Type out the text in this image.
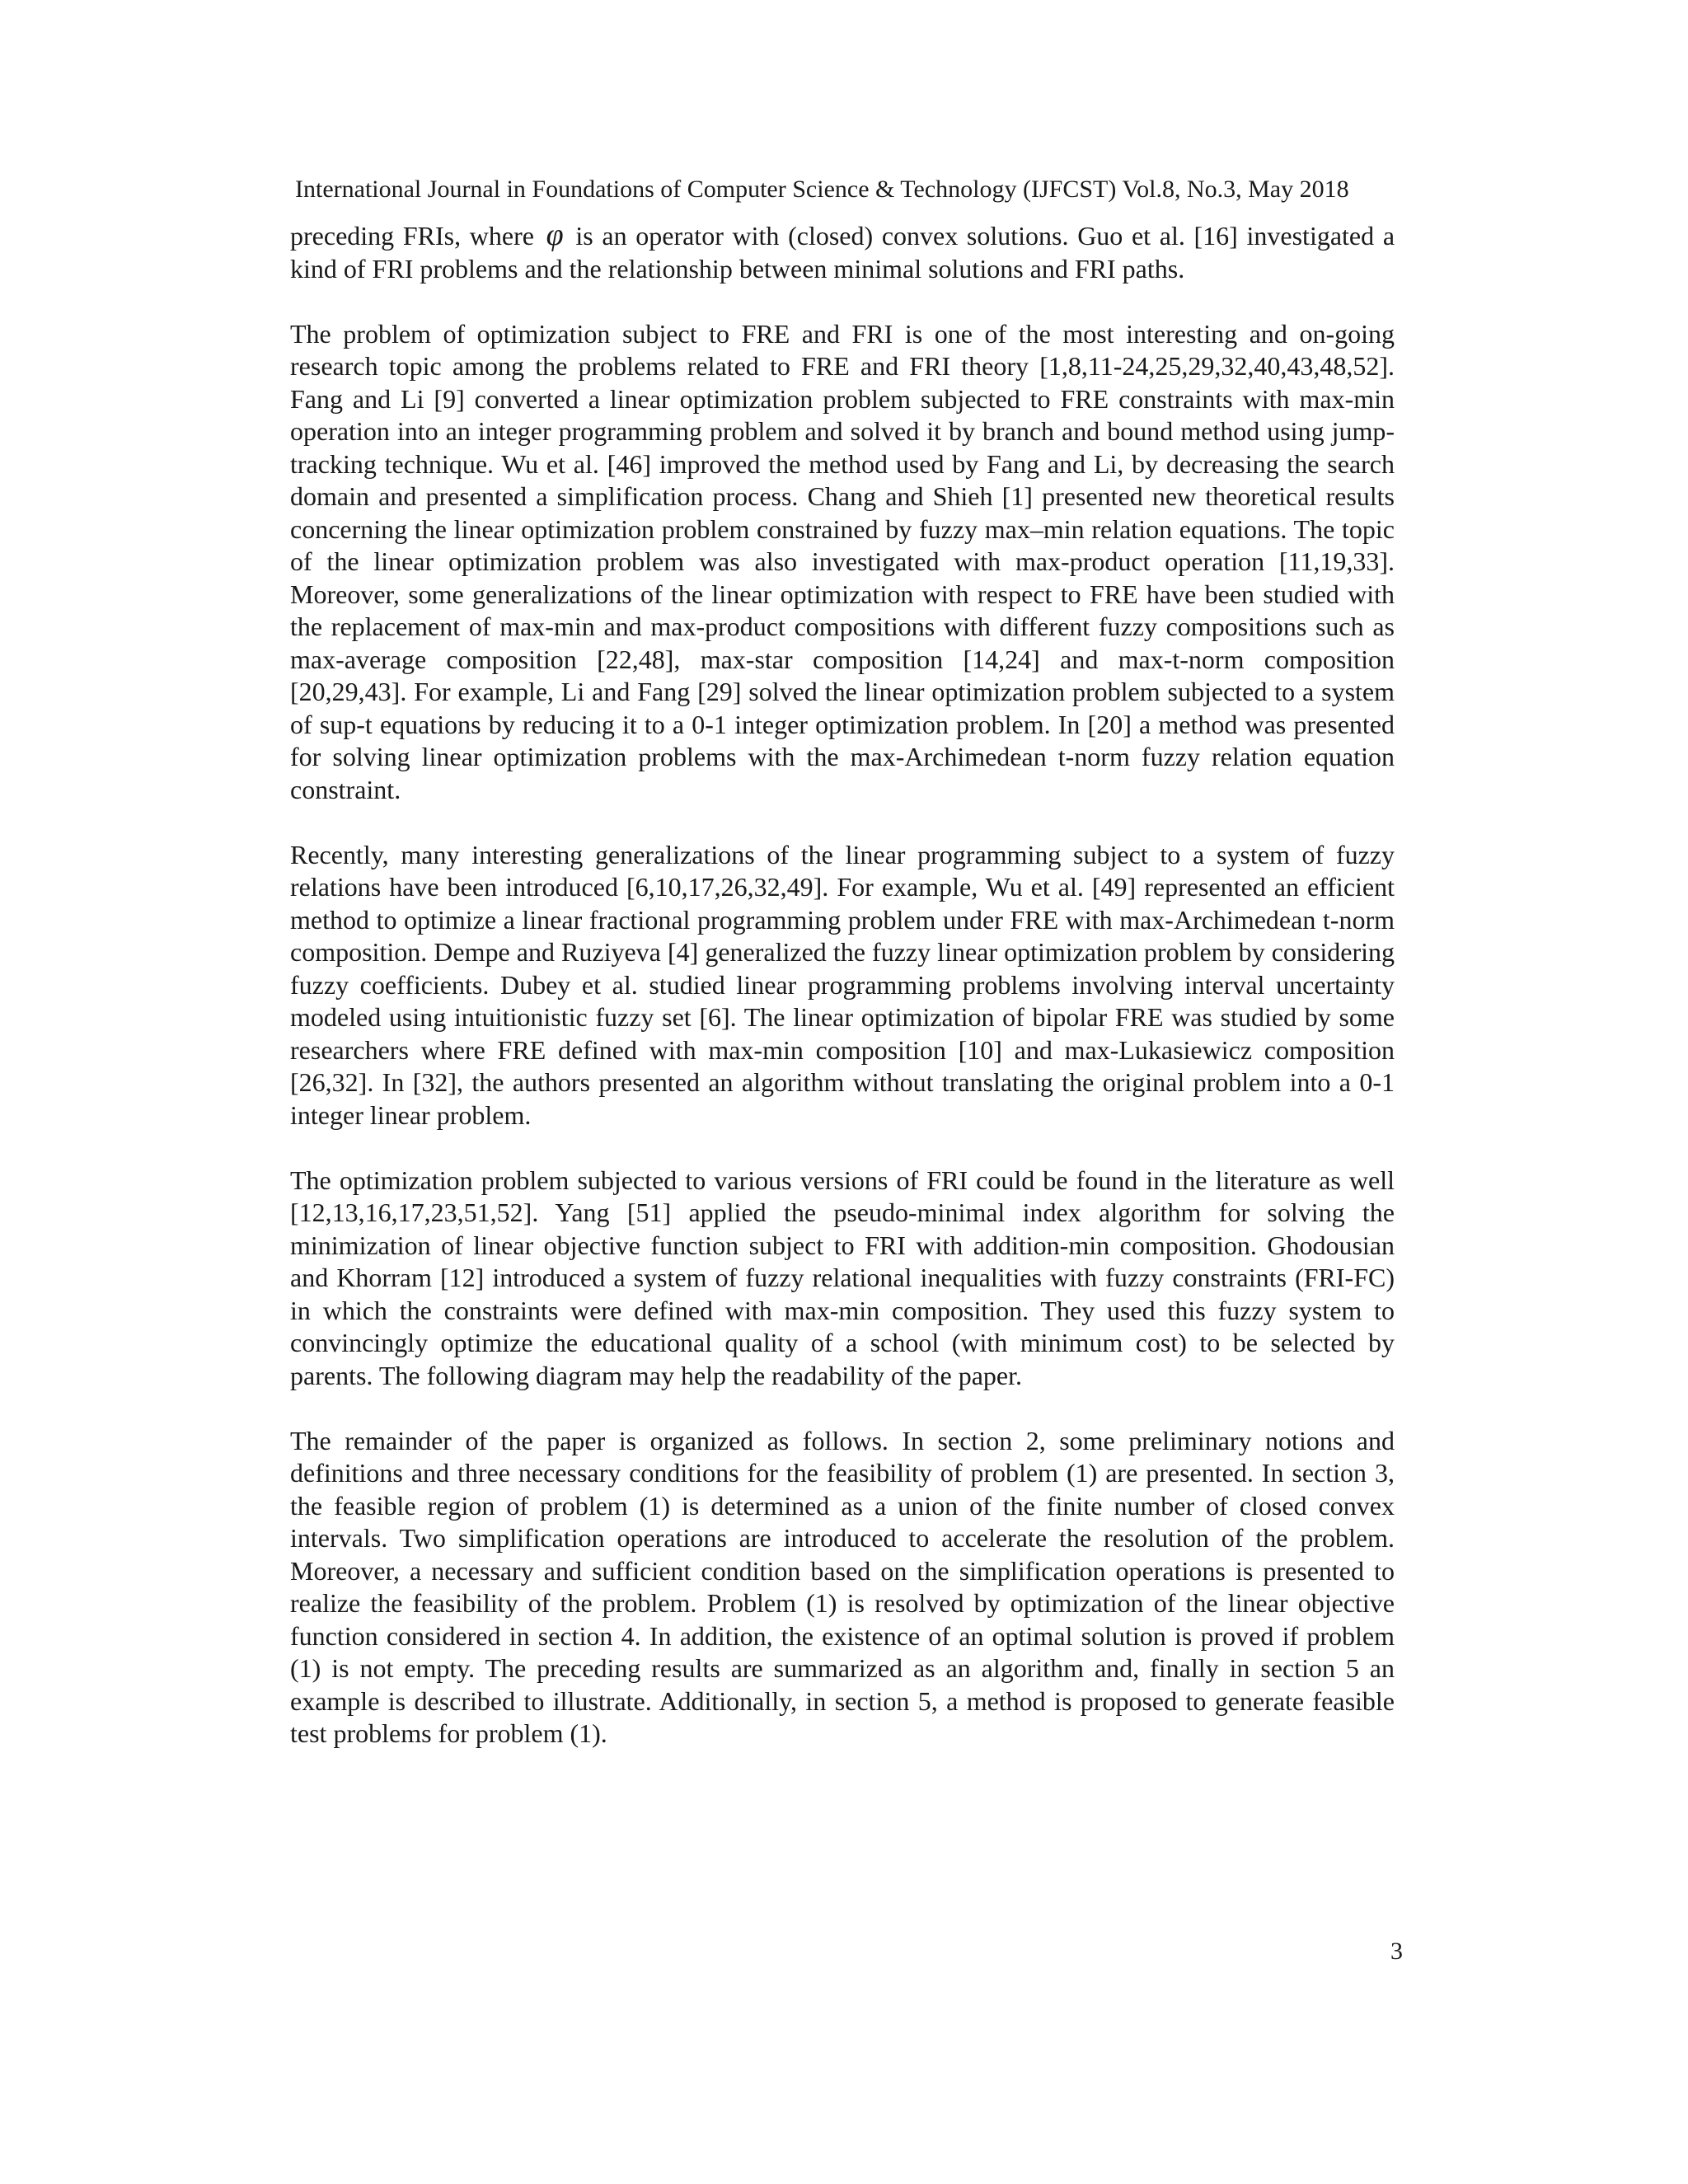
International Journal in Foundations of Computer Science & Technology (IJFCST) Vol.8, No.3, May 2018

preceding FRIs, where φ is an operator with (closed) convex solutions. Guo et al. [16] investigated a kind of FRI problems and the relationship between minimal solutions and FRI paths.

The problem of optimization subject to FRE and FRI is one of the most interesting and on-going research topic among the problems related to FRE and FRI theory [1,8,11-24,25,29,32,40,43,48,52]. Fang and Li [9] converted a linear optimization problem subjected to FRE constraints with max-min operation into an integer programming problem and solved it by branch and bound method using jump-tracking technique. Wu et al. [46] improved the method used by Fang and Li, by decreasing the search domain and presented a simplification process. Chang and Shieh [1] presented new theoretical results concerning the linear optimization problem constrained by fuzzy max–min relation equations. The topic of the linear optimization problem was also investigated with max-product operation [11,19,33]. Moreover, some generalizations of the linear optimization with respect to FRE have been studied with the replacement of max-min and max-product compositions with different fuzzy compositions such as max-average composition [22,48], max-star composition [14,24] and max-t-norm composition [20,29,43]. For example, Li and Fang [29] solved the linear optimization problem subjected to a system of sup-t equations by reducing it to a 0-1 integer optimization problem. In [20] a method was presented for solving linear optimization problems with the max-Archimedean t-norm fuzzy relation equation constraint.

Recently, many interesting generalizations of the linear programming subject to a system of fuzzy relations have been introduced [6,10,17,26,32,49]. For example, Wu et al. [49] represented an efficient method to optimize a linear fractional programming problem under FRE with max-Archimedean t-norm composition. Dempe and Ruziyeva [4] generalized the fuzzy linear optimization problem by considering fuzzy coefficients. Dubey et al. studied linear programming problems involving interval uncertainty modeled using intuitionistic fuzzy set [6]. The linear optimization of bipolar FRE was studied by some researchers where FRE defined with max-min composition [10] and max-Lukasiewicz composition [26,32]. In [32], the authors presented an algorithm without translating the original problem into a 0-1 integer linear problem.

The optimization problem subjected to various versions of FRI could be found in the literature as well [12,13,16,17,23,51,52]. Yang [51] applied the pseudo-minimal index algorithm for solving the minimization of linear objective function subject to FRI with addition-min composition. Ghodousian and Khorram [12] introduced a system of fuzzy relational inequalities with fuzzy constraints (FRI-FC) in which the constraints were defined with max-min composition. They used this fuzzy system to convincingly optimize the educational quality of a school (with minimum cost) to be selected by parents. The following diagram may help the readability of the paper.

The remainder of the paper is organized as follows. In section 2, some preliminary notions and definitions and three necessary conditions for the feasibility of problem (1) are presented. In section 3, the feasible region of problem (1) is determined as a union of the finite number of closed convex intervals. Two simplification operations are introduced to accelerate the resolution of the problem. Moreover, a necessary and sufficient condition based on the simplification operations is presented to realize the feasibility of the problem. Problem (1) is resolved by optimization of the linear objective function considered in section 4. In addition, the existence of an optimal solution is proved if problem (1) is not empty. The preceding results are summarized as an algorithm and, finally in section 5 an example is described to illustrate. Additionally, in section 5, a method is proposed to generate feasible test problems for problem (1).

3
